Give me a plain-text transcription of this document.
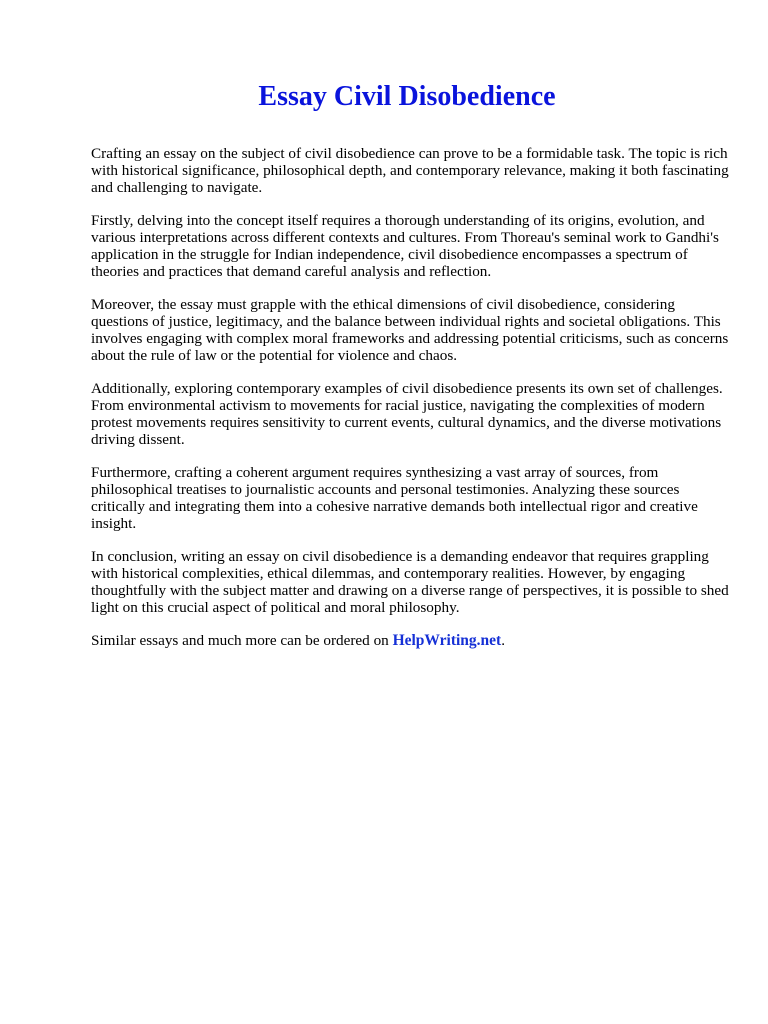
Essay Civil Disobedience

Crafting an essay on the subject of civil disobedience can prove to be a formidable task. The topic is rich with historical significance, philosophical depth, and contemporary relevance, making it both fascinating and challenging to navigate.

Firstly, delving into the concept itself requires a thorough understanding of its origins, evolution, and various interpretations across different contexts and cultures. From Thoreau's seminal work to Gandhi's application in the struggle for Indian independence, civil disobedience encompasses a spectrum of theories and practices that demand careful analysis and reflection.

Moreover, the essay must grapple with the ethical dimensions of civil disobedience, considering questions of justice, legitimacy, and the balance between individual rights and societal obligations. This involves engaging with complex moral frameworks and addressing potential criticisms, such as concerns about the rule of law or the potential for violence and chaos.

Additionally, exploring contemporary examples of civil disobedience presents its own set of challenges. From environmental activism to movements for racial justice, navigating the complexities of modern protest movements requires sensitivity to current events, cultural dynamics, and the diverse motivations driving dissent.

Furthermore, crafting a coherent argument requires synthesizing a vast array of sources, from philosophical treatises to journalistic accounts and personal testimonies. Analyzing these sources critically and integrating them into a cohesive narrative demands both intellectual rigor and creative insight.

In conclusion, writing an essay on civil disobedience is a demanding endeavor that requires grappling with historical complexities, ethical dilemmas, and contemporary realities. However, by engaging thoughtfully with the subject matter and drawing on a diverse range of perspectives, it is possible to shed light on this crucial aspect of political and moral philosophy.

Similar essays and much more can be ordered on HelpWriting.net.
